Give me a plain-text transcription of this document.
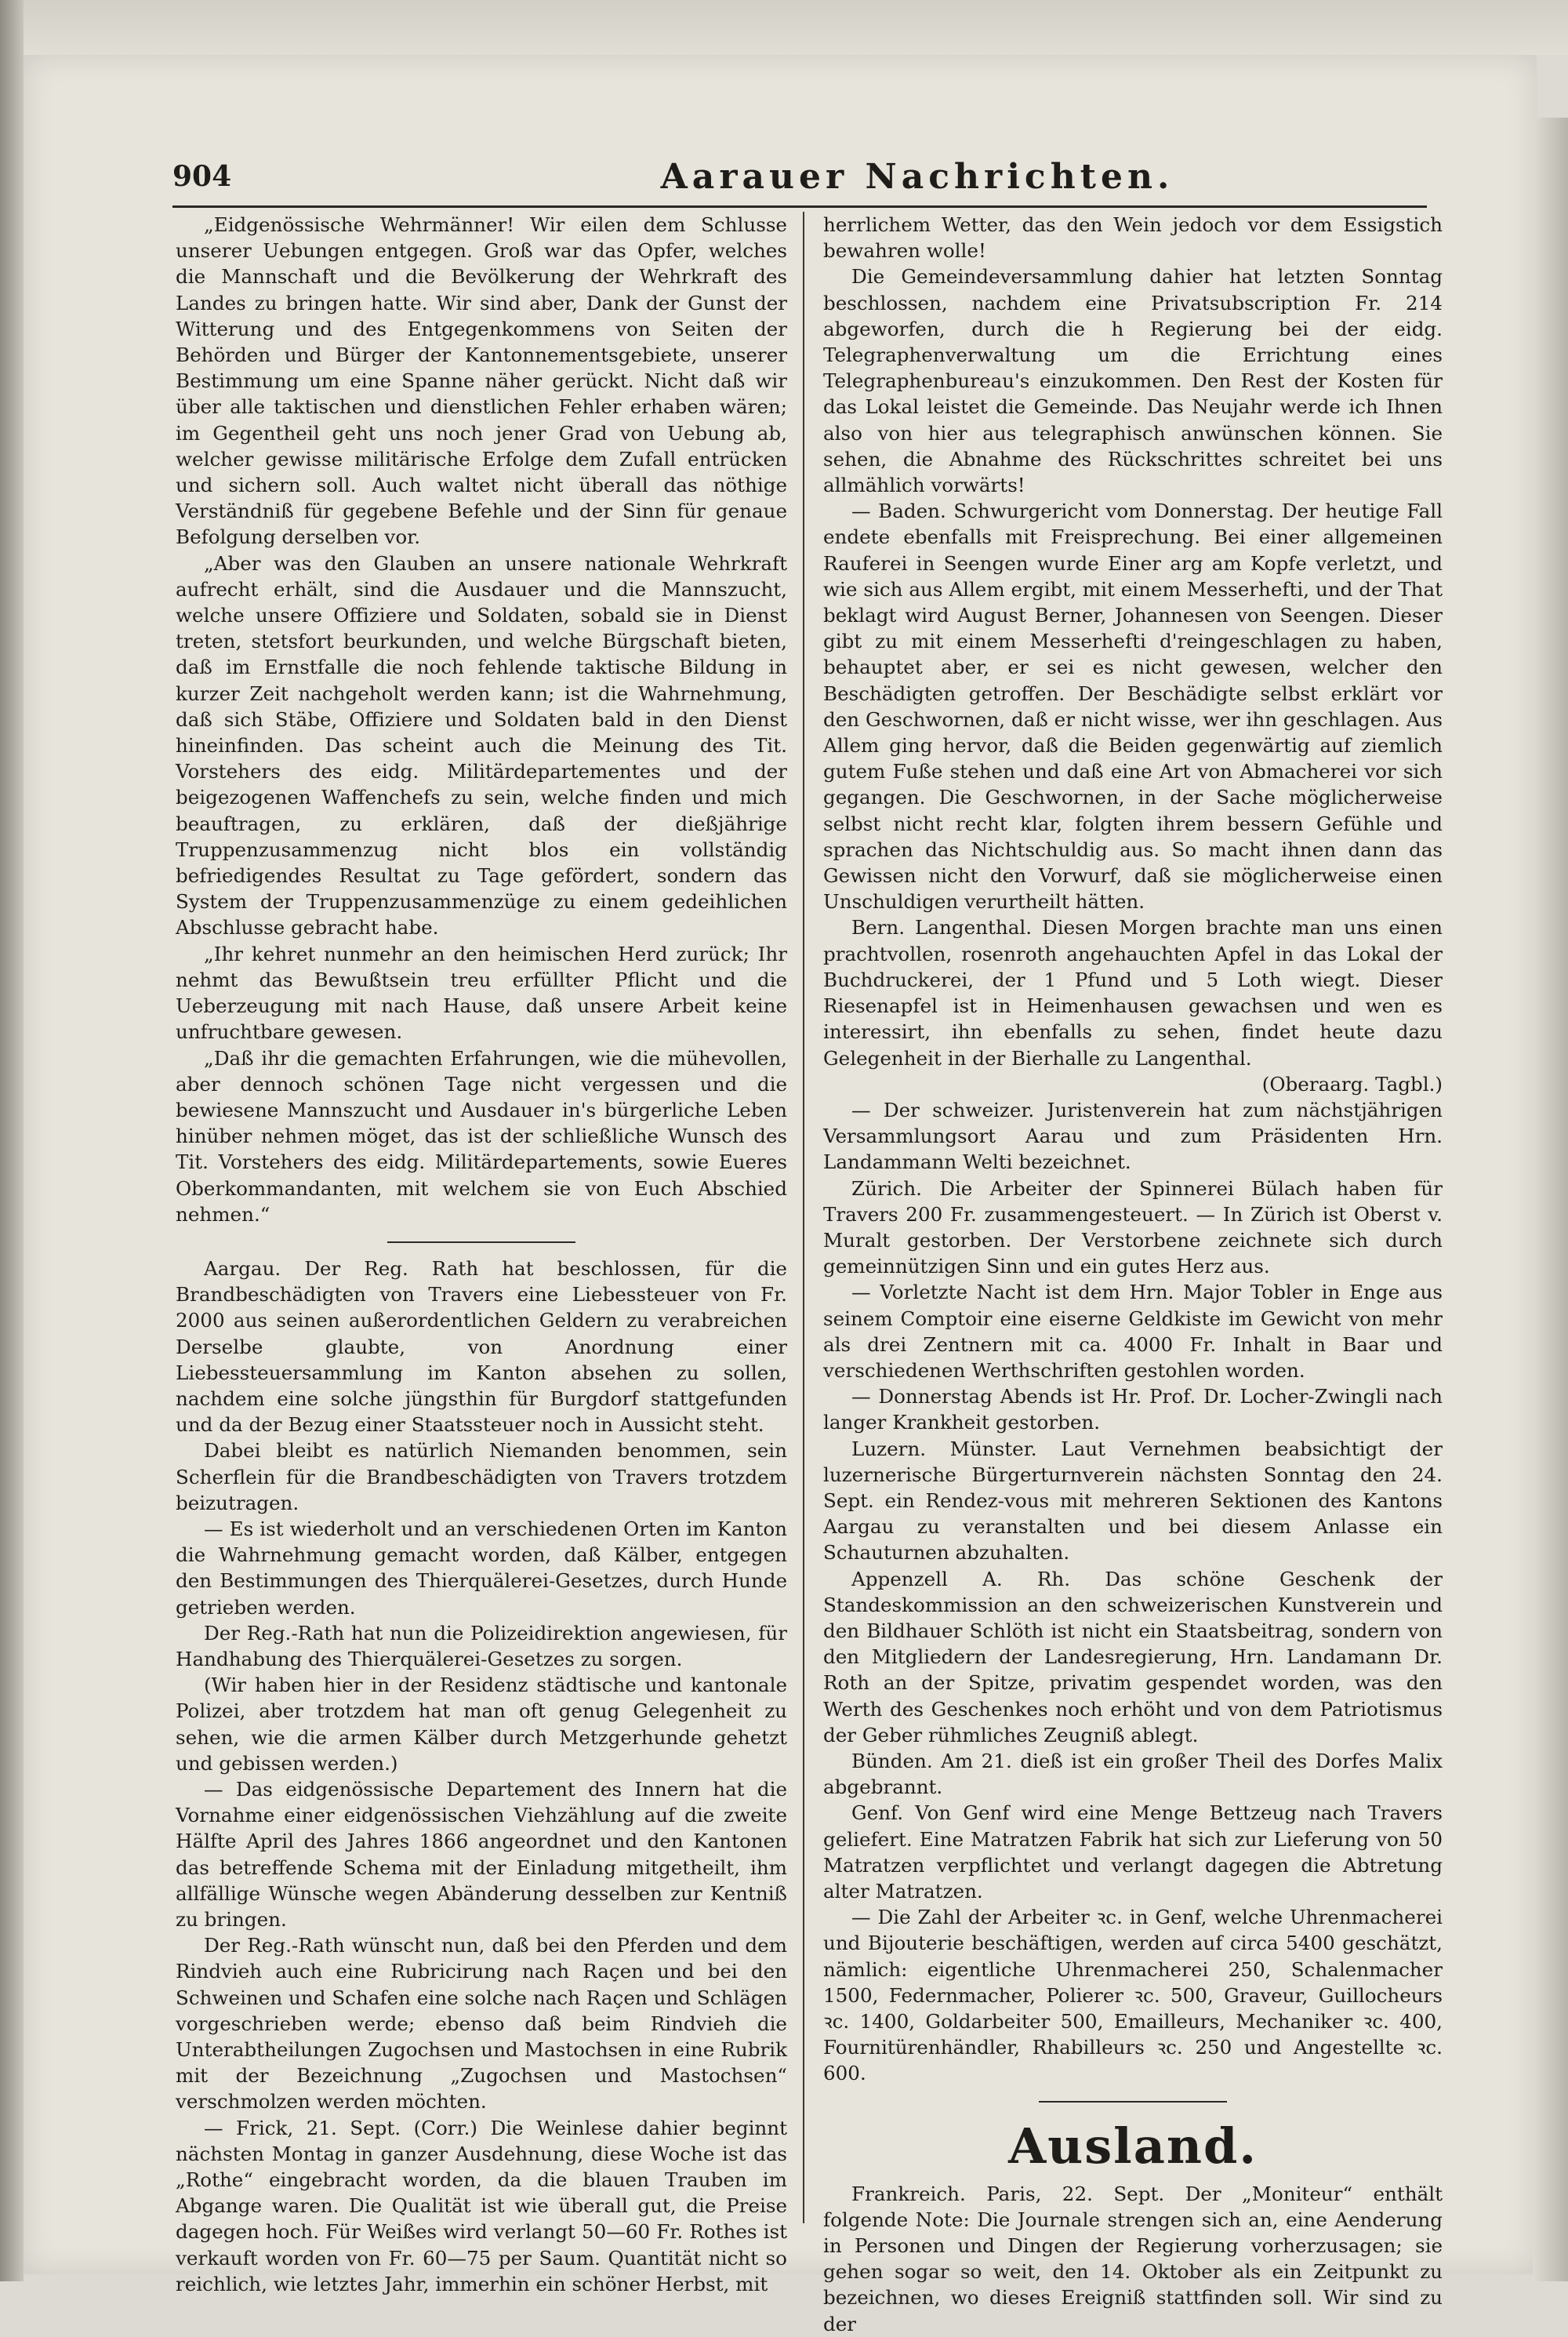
904	Aarauer Nachrichten.

„Eidgenössische Wehrmänner! Wir eilen dem Schlusse unserer Uebungen entgegen. Groß war das Opfer, welches die Mannschaft und die Bevölkerung der Wehrkraft des Landes zu bringen hatte. Wir sind aber, Dank der Gunst der Witterung und des Entgegenkommens von Seiten der Behörden und Bürger der Kantonnementsgebiete, unserer Bestimmung um eine Spanne näher gerückt. Nicht daß wir über alle taktischen und dienstlichen Fehler erhaben wären; im Gegentheil geht uns noch jener Grad von Uebung ab, welcher gewisse militärische Erfolge dem Zufall entrücken und sichern soll. Auch waltet nicht überall das nöthige Verständniß für gegebene Befehle und der Sinn für genaue Befolgung derselben vor.

„Aber was den Glauben an unsere nationale Wehrkraft aufrecht erhält, sind die Ausdauer und die Mannszucht, welche unsere Offiziere und Soldaten, sobald sie in Dienst treten, stetsfort beurkunden, und welche Bürgschaft bieten, daß im Ernstfalle die noch fehlende taktische Bildung in kurzer Zeit nachgeholt werden kann; ist die Wahrnehmung, daß sich Stäbe, Offiziere und Soldaten bald in den Dienst hineinfinden. Das scheint auch die Meinung des Tit. Vorstehers des eidg. Militärdepartementes und der beigezogenen Waffenchefs zu sein, welche finden und mich beauftragen, zu erklären, daß der dießjährige Truppenzusammenzug nicht blos ein vollständig befriedigendes Resultat zu Tage gefördert, sondern das System der Truppenzusammenzüge zu einem gedeihlichen Abschlusse gebracht habe.

„Ihr kehret nunmehr an den heimischen Herd zurück; Ihr nehmt das Bewußtsein treu erfüllter Pflicht und die Ueberzeugung mit nach Hause, daß unsere Arbeit keine unfruchtbare gewesen.

„Daß ihr die gemachten Erfahrungen, wie die mühevollen, aber dennoch schönen Tage nicht vergessen und die bewiesene Mannszucht und Ausdauer in's bürgerliche Leben hinüber nehmen möget, das ist der schließliche Wunsch des Tit. Vorstehers des eidg. Militärdepartements, sowie Eueres Oberkommandanten, mit welchem sie von Euch Abschied nehmen.“

Aargau. Der Reg. Rath hat beschlossen, für die Brandbeschädigten von Travers eine Liebessteuer von Fr. 2000 aus seinen außerordentlichen Geldern zu verabreichen Derselbe glaubte, von Anordnung einer Liebessteuersammlung im Kanton absehen zu sollen, nachdem eine solche jüngsthin für Burgdorf stattgefunden und da der Bezug einer Staatssteuer noch in Aussicht steht.

Dabei bleibt es natürlich Niemanden benommen, sein Scherflein für die Brandbeschädigten von Travers trotzdem beizutragen.

— Es ist wiederholt und an verschiedenen Orten im Kanton die Wahrnehmung gemacht worden, daß Kälber, entgegen den Bestimmungen des Thierquälerei-Gesetzes, durch Hunde getrieben werden.

Der Reg.-Rath hat nun die Polizeidirektion angewiesen, für Handhabung des Thierquälerei-Gesetzes zu sorgen.

(Wir haben hier in der Residenz städtische und kantonale Polizei, aber trotzdem hat man oft genug Gelegenheit zu sehen, wie die armen Kälber durch Metzgerhunde gehetzt und gebissen werden.)

— Das eidgenössische Departement des Innern hat die Vornahme einer eidgenössischen Viehzählung auf die zweite Hälfte April des Jahres 1866 angeordnet und den Kantonen das betreffende Schema mit der Einladung mitgetheilt, ihm allfällige Wünsche wegen Abänderung desselben zur Kentniß zu bringen.

Der Reg.-Rath wünscht nun, daß bei den Pferden und dem Rindvieh auch eine Rubricirung nach Raçen und bei den Schweinen und Schafen eine solche nach Raçen und Schlägen vorgeschrieben werde; ebenso daß beim Rindvieh die Unterabtheilungen Zugochsen und Mastochsen in eine Rubrik mit der Bezeichnung „Zugochsen und Mastochsen“ verschmolzen werden möchten.

— Frick, 21. Sept. (Corr.) Die Weinlese dahier beginnt nächsten Montag in ganzer Ausdehnung, diese Woche ist das „Rothe“ eingebracht worden, da die blauen Trauben im Abgange waren. Die Qualität ist wie überall gut, die Preise dagegen hoch. Für Weißes wird verlangt 50—60 Fr. Rothes ist verkauft worden von Fr. 60—75 per Saum. Quantität nicht so reichlich, wie letztes Jahr, immerhin ein schöner Herbst, mit

herrlichem Wetter, das den Wein jedoch vor dem Essigstich bewahren wolle!

Die Gemeindeversammlung dahier hat letzten Sonntag beschlossen, nachdem eine Privatsubscription Fr. 214 abgeworfen, durch die h Regierung bei der eidg. Telegraphenverwaltung um die Errichtung eines Telegraphenbureau's einzukommen. Den Rest der Kosten für das Lokal leistet die Gemeinde. Das Neujahr werde ich Ihnen also von hier aus telegraphisch anwünschen können. Sie sehen, die Abnahme des Rückschrittes schreitet bei uns allmählich vorwärts!

— Baden. Schwurgericht vom Donnerstag. Der heutige Fall endete ebenfalls mit Freisprechung. Bei einer allgemeinen Rauferei in Seengen wurde Einer arg am Kopfe verletzt, und wie sich aus Allem ergibt, mit einem Messerhefti, und der That beklagt wird August Berner, Johannesen von Seengen. Dieser gibt zu mit einem Messerhefti d'reingeschlagen zu haben, behauptet aber, er sei es nicht gewesen, welcher den Beschädigten getroffen. Der Beschädigte selbst erklärt vor den Geschwornen, daß er nicht wisse, wer ihn geschlagen. Aus Allem ging hervor, daß die Beiden gegenwärtig auf ziemlich gutem Fuße stehen und daß eine Art von Abmacherei vor sich gegangen. Die Geschwornen, in der Sache möglicherweise selbst nicht recht klar, folgten ihrem bessern Gefühle und sprachen das Nichtschuldig aus. So macht ihnen dann das Gewissen nicht den Vorwurf, daß sie möglicherweise einen Unschuldigen verurtheilt hätten.

Bern. Langenthal. Diesen Morgen brachte man uns einen prachtvollen, rosenroth angehauchten Apfel in das Lokal der Buchdruckerei, der 1 Pfund und 5 Loth wiegt. Dieser Riesenapfel ist in Heimenhausen gewachsen und wen es interessirt, ihn ebenfalls zu sehen, findet heute dazu Gelegenheit in der Bierhalle zu Langenthal.

(Oberaarg. Tagbl.)

— Der schweizer. Juristenverein hat zum nächstjährigen Versammlungsort Aarau und zum Präsidenten Hrn. Landammann Welti bezeichnet.

Zürich. Die Arbeiter der Spinnerei Bülach haben für Travers 200 Fr. zusammengesteuert. — In Zürich ist Oberst v. Muralt gestorben. Der Verstorbene zeichnete sich durch gemeinnützigen Sinn und ein gutes Herz aus.

— Vorletzte Nacht ist dem Hrn. Major Tobler in Enge aus seinem Comptoir eine eiserne Geldkiste im Gewicht von mehr als drei Zentnern mit ca. 4000 Fr. Inhalt in Baar und verschiedenen Werthschriften gestohlen worden.

— Donnerstag Abends ist Hr. Prof. Dr. Locher-Zwingli nach langer Krankheit gestorben.

Luzern. Münster. Laut Vernehmen beabsichtigt der luzernerische Bürgerturnverein nächsten Sonntag den 24. Sept. ein Rendez-vous mit mehreren Sektionen des Kantons Aargau zu veranstalten und bei diesem Anlasse ein Schauturnen abzuhalten.

Appenzell A. Rh. Das schöne Geschenk der Standeskommission an den schweizerischen Kunstverein und den Bildhauer Schlöth ist nicht ein Staatsbeitrag, sondern von den Mitgliedern der Landesregierung, Hrn. Landamann Dr. Roth an der Spitze, privatim gespendet worden, was den Werth des Geschenkes noch erhöht und von dem Patriotismus der Geber rühmliches Zeugniß ablegt.

Bünden. Am 21. dieß ist ein großer Theil des Dorfes Malix abgebrannt.

Genf. Von Genf wird eine Menge Bettzeug nach Travers geliefert. Eine Matratzen Fabrik hat sich zur Lieferung von 50 Matratzen verpflichtet und verlangt dagegen die Abtretung alter Matratzen.

— Die Zahl der Arbeiter ꝛc. in Genf, welche Uhrenmacherei und Bijouterie beschäftigen, werden auf circa 5400 geschätzt, nämlich: eigentliche Uhrenmacherei 250, Schalenmacher 1500, Federnmacher, Polierer ꝛc. 500, Graveur, Guillocheurs ꝛc. 1400, Goldarbeiter 500, Emailleurs, Mechaniker ꝛc. 400, Fournitürenhändler, Rhabilleurs ꝛc. 250 und Angestellte ꝛc. 600.

Ausland.

Frankreich. Paris, 22. Sept. Der „Moniteur“ enthält folgende Note: Die Journale strengen sich an, eine Aenderung in Personen und Dingen der Regierung vorherzusagen; sie gehen sogar so weit, den 14. Oktober als ein Zeitpunkt zu bezeichnen, wo dieses Ereigniß stattfinden soll. Wir sind zu der
